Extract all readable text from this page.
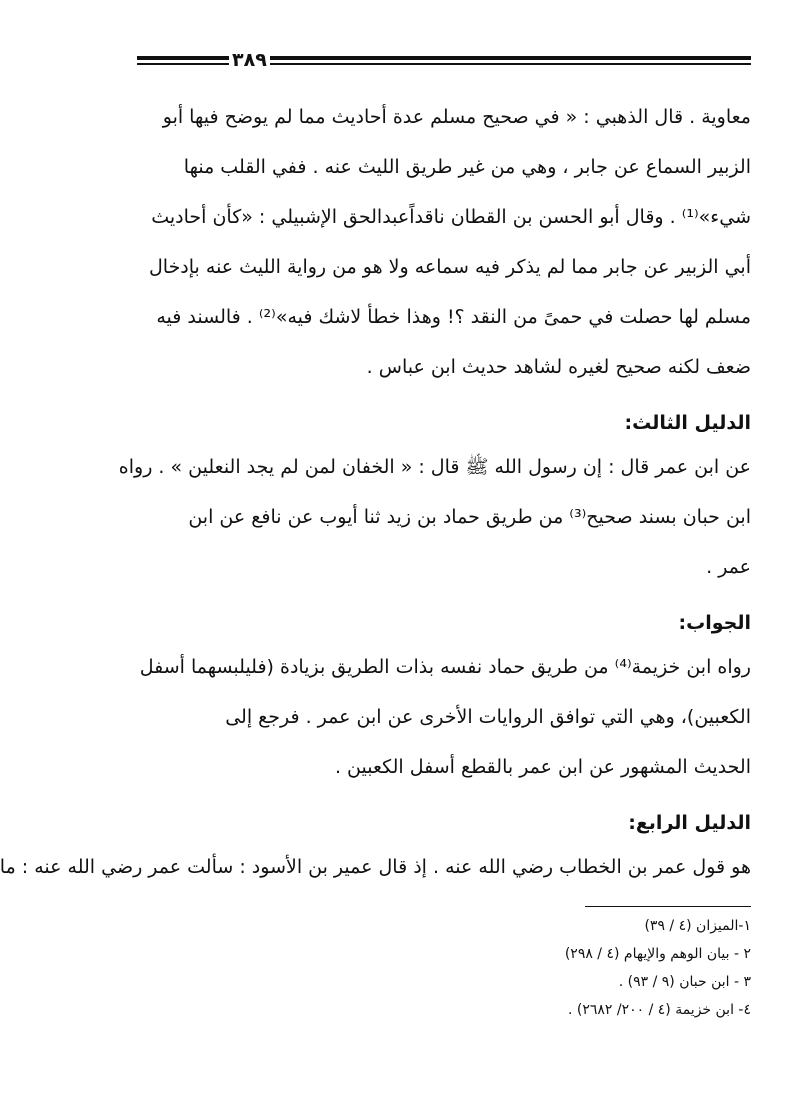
٣٨٩
معاوية . قال الذهبي : « في صحيح مسلم عدة أحاديث مما لم يوضح فيها أبو
الزبير السماع عن جابر ، وهي من غير طريق الليث عنه . ففي القلب منها
شيء»⁽¹⁾ . وقال أبو الحسن بن القطان ناقداًعبدالحق الإشبيلي : «كأن أحاديث
أبي الزبير عن جابر مما لم يذكر فيه سماعه ولا هو من رواية الليث عنه بإدخال
مسلم لها حصلت في حمىً من النقد ؟! وهذا خطأ لاشك فيه»⁽²⁾ . فالسند فيه
ضعف لكنه صحيح لغيره لشاهد حديث ابن عباس .
الدليل الثالث:
عن ابن عمر قال : إن رسول الله ﷺ قال : « الخفان لمن لم يجد النعلين » . رواه
ابن حبان بسند صحيح⁽³⁾ من طريق حماد بن زيد ثنا أيوب عن نافع عن ابن
عمر .
الجواب:
رواه ابن خزيمة⁽⁴⁾ من طريق حماد نفسه بذات الطريق بزيادة (فليلبسهما أسفل
الكعبين)، وهي التي توافق الروايات الأخرى عن ابن عمر . فرجع إلى
الحديث المشهور عن ابن عمر بالقطع أسفل الكعبين .
الدليل الرابع:
هو قول عمر بن الخطاب رضي الله عنه . إذ قال عمير بن الأسود : سألت عمر رضي الله عنه : ما
١-الميزان (٤ / ٣٩)
٢ - بيان الوهم والإيهام (٤ / ٢٩٨)
٣ - ابن حبان (٩ / ٩٣) .
٤- ابن خزيمة (٤ / ٢٠٠/ ٢٦٨٢) .
